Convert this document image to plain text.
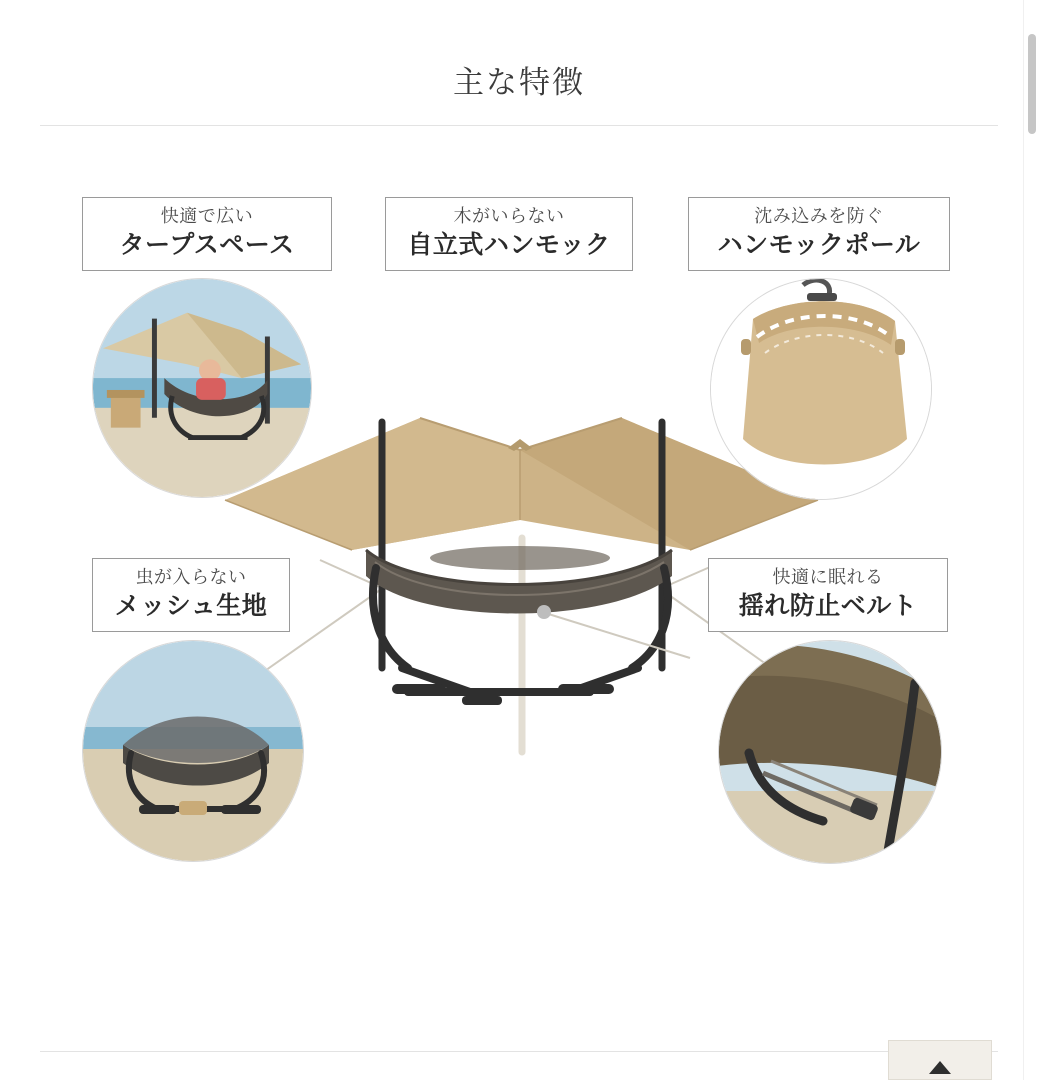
主な特徴
快適で広い
タープスペース
木がいらない
自立式ハンモック
沈み込みを防ぐ
ハンモックポール
虫が入らない
メッシュ生地
快適に眠れる
揺れ防止ベルト
